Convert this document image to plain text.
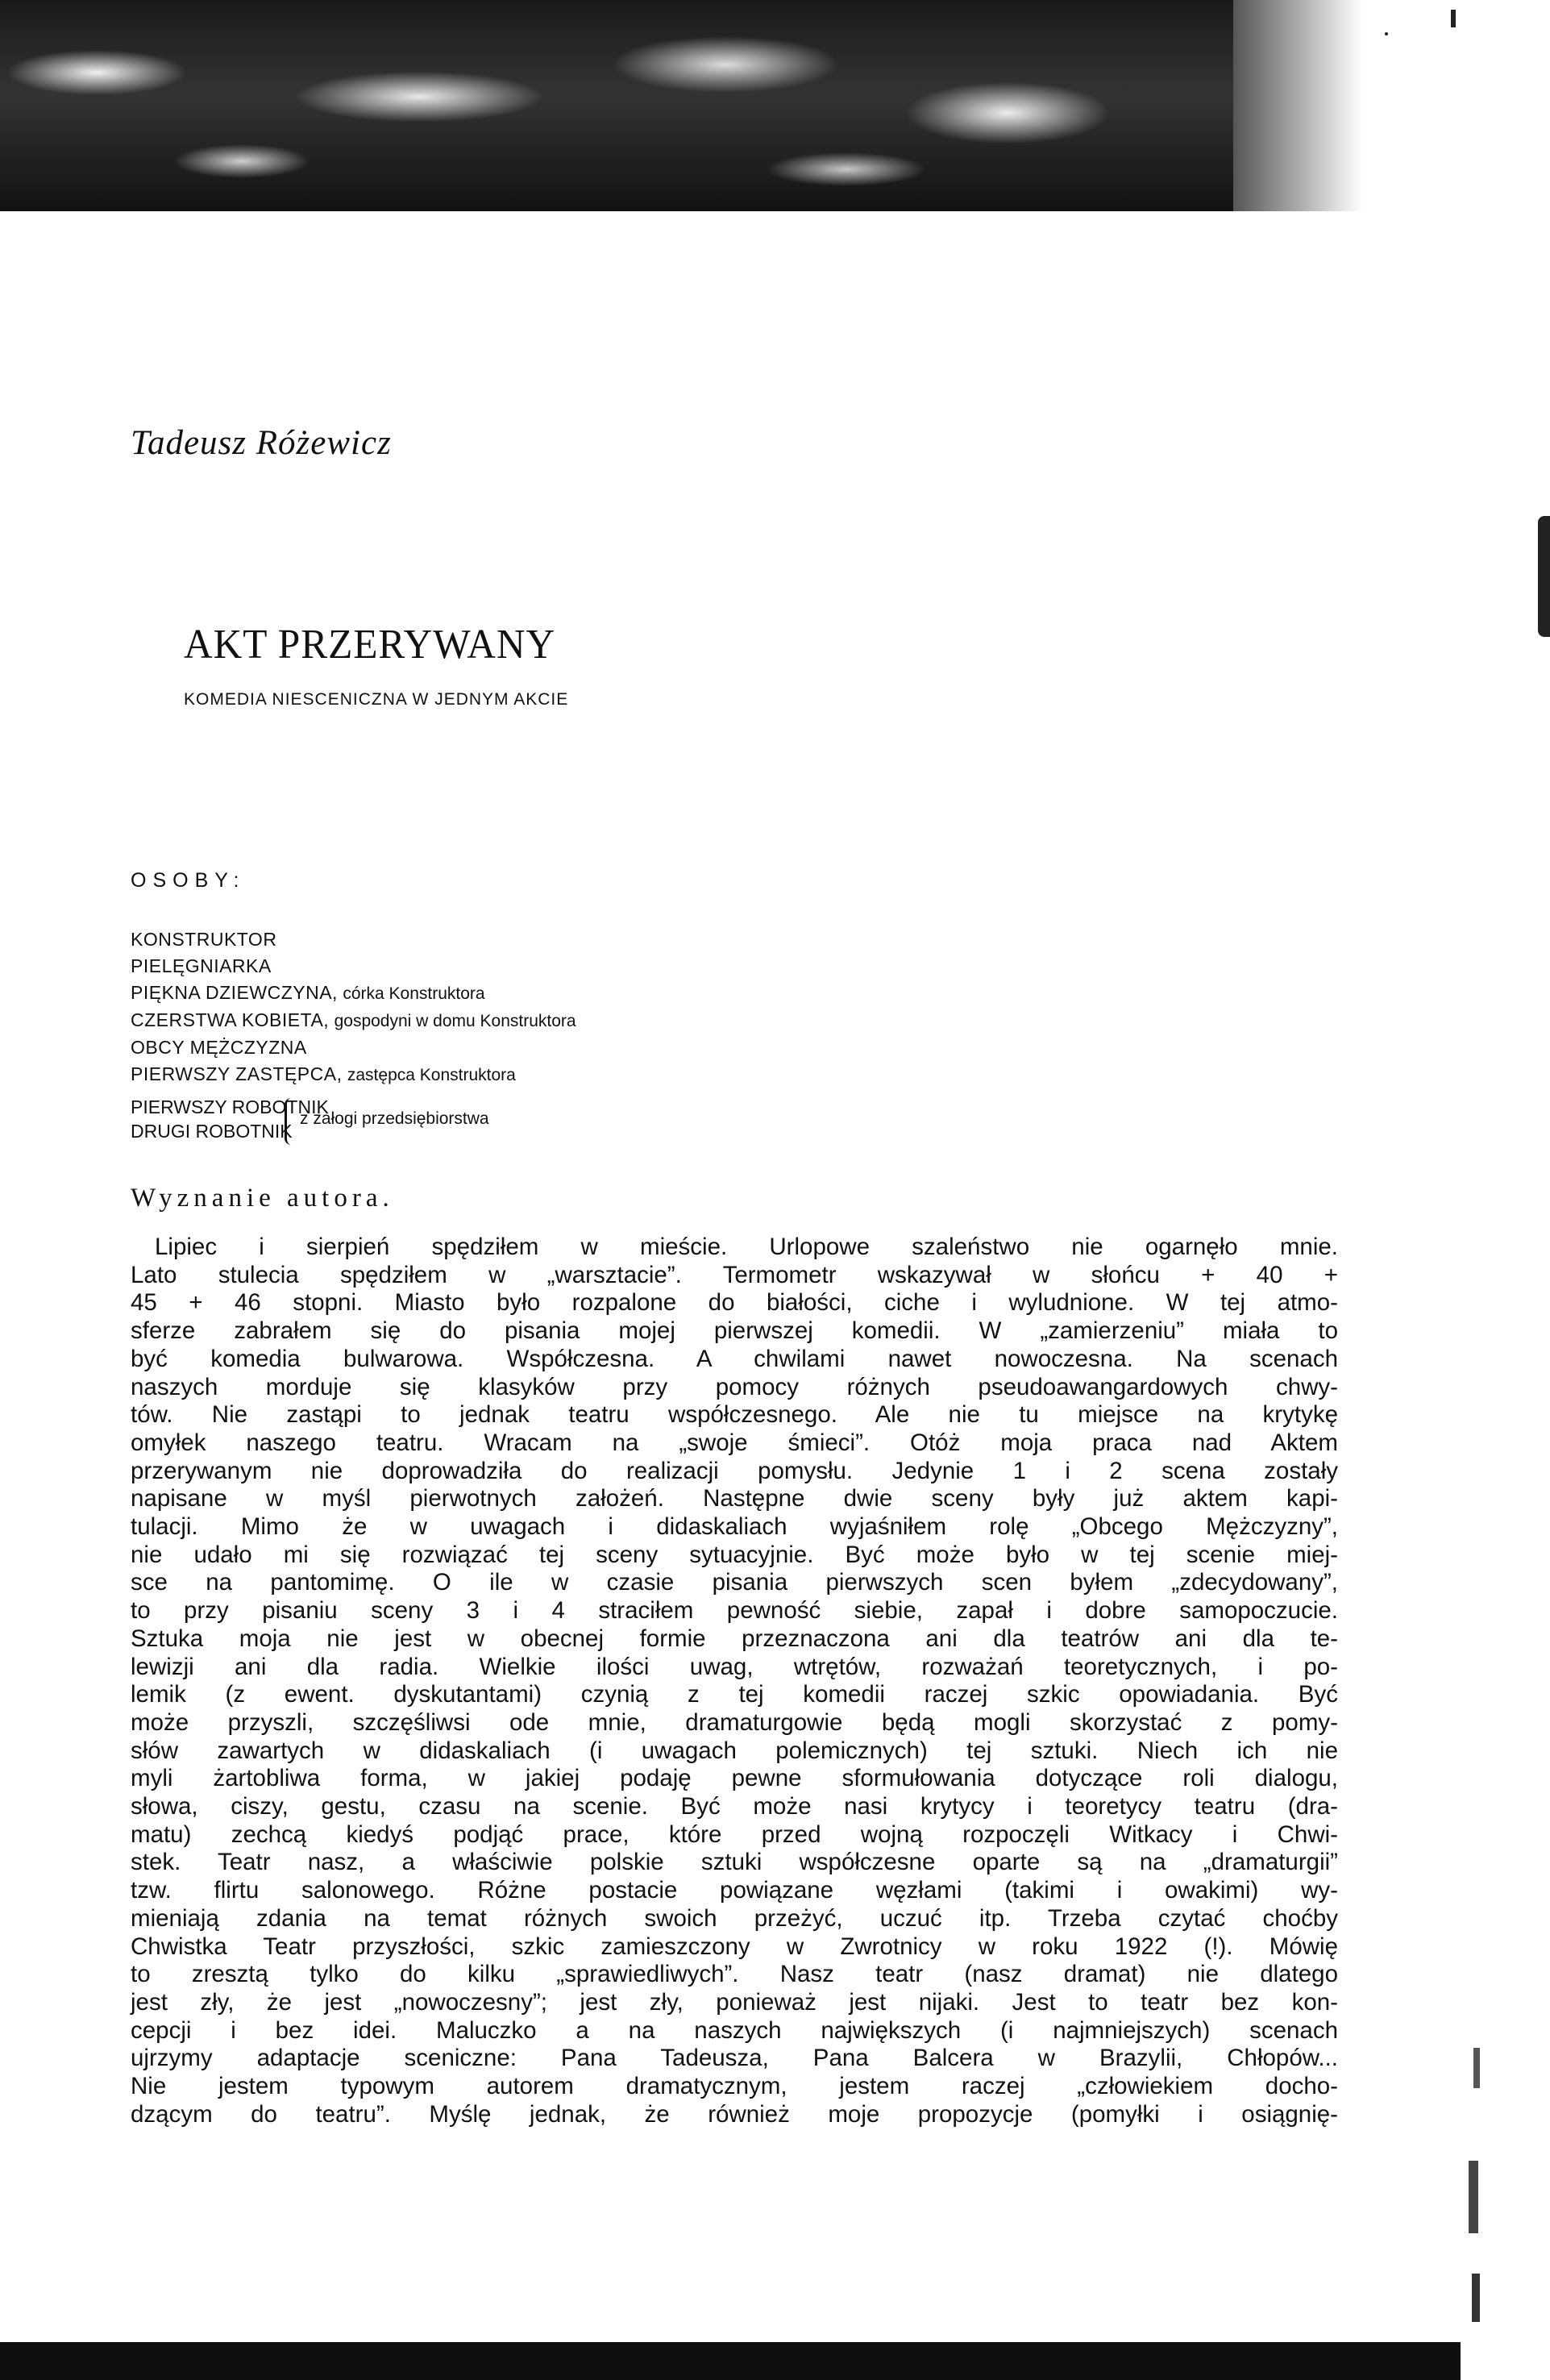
Tadeusz Różewicz
AKT PRZERYWANY
KOMEDIA NIESCENICZNA W JEDNYM AKCIE
OSOBY:
KONSTRUKTOR
PIELĘGNIARKA
PIĘKNA DZIEWCZYNA, córka Konstruktora
CZERSTWA KOBIETA, gospodyni w domu Konstruktora
OBCY MĘŻCZYZNA
PIERWSZY ZASTĘPCA, zastępca Konstruktora
PIERWSZY ROBOTNIK
DRUGI ROBOTNIK
z załogi przedsiębiorstwa
Wyznanie autora.
Lipiec i sierpień spędziłem w mieście. Urlopowe szaleństwo nie ogarnęło mnie.
Lato stulecia spędziłem w „warsztacie”. Termometr wskazywał w słońcu + 40 +
45 + 46 stopni. Miasto było rozpalone do białości, ciche i wyludnione. W tej atmo-
sferze zabrałem się do pisania mojej pierwszej komedii. W „zamierzeniu” miała to
być komedia bulwarowa. Współczesna. A chwilami nawet nowoczesna. Na scenach
naszych morduje się klasyków przy pomocy różnych pseudoawangardowych chwy-
tów. Nie zastąpi to jednak teatru współczesnego. Ale nie tu miejsce na krytykę
omyłek naszego teatru. Wracam na „swoje śmieci”. Otóż moja praca nad Aktem
przerywanym nie doprowadziła do realizacji pomysłu. Jedynie 1 i 2 scena zostały
napisane w myśl pierwotnych założeń. Następne dwie sceny były już aktem kapi-
tulacji. Mimo że w uwagach i didaskaliach wyjaśniłem rolę „Obcego Mężczyzny”,
nie udało mi się rozwiązać tej sceny sytuacyjnie. Być może było w tej scenie miej-
sce na pantomimę. O ile w czasie pisania pierwszych scen byłem „zdecydowany”,
to przy pisaniu sceny 3 i 4 straciłem pewność siebie, zapał i dobre samopoczucie.
Sztuka moja nie jest w obecnej formie przeznaczona ani dla teatrów ani dla te-
lewizji ani dla radia. Wielkie ilości uwag, wtrętów, rozważań teoretycznych, i po-
lemik (z ewent. dyskutantami) czynią z tej komedii raczej szkic opowiadania. Być
może przyszli, szczęśliwsi ode mnie, dramaturgowie będą mogli skorzystać z pomy-
słów zawartych w didaskaliach (i uwagach polemicznych) tej sztuki. Niech ich nie
myli żartobliwa forma, w jakiej podaję pewne sformułowania dotyczące roli dialogu,
słowa, ciszy, gestu, czasu na scenie. Być może nasi krytycy i teoretycy teatru (dra-
matu) zechcą kiedyś podjąć prace, które przed wojną rozpoczęli Witkacy i Chwi-
stek. Teatr nasz, a właściwie polskie sztuki współczesne oparte są na „dramaturgii”
tzw. flirtu salonowego. Różne postacie powiązane węzłami (takimi i owakimi) wy-
mieniają zdania na temat różnych swoich przeżyć, uczuć itp. Trzeba czytać choćby
Chwistka Teatr przyszłości, szkic zamieszczony w Zwrotnicy w roku 1922 (!). Mówię
to zresztą tylko do kilku „sprawiedliwych”. Nasz teatr (nasz dramat) nie dlatego
jest zły, że jest „nowoczesny”; jest zły, ponieważ jest nijaki. Jest to teatr bez kon-
cepcji i bez idei. Maluczko a na naszych największych (i najmniejszych) scenach
ujrzymy adaptacje sceniczne: Pana Tadeusza, Pana Balcera w Brazylii, Chłopów...
Nie jestem typowym autorem dramatycznym, jestem raczej „człowiekiem docho-
dzącym do teatru”. Myślę jednak, że również moje propozycje (pomyłki i osiągnię-
